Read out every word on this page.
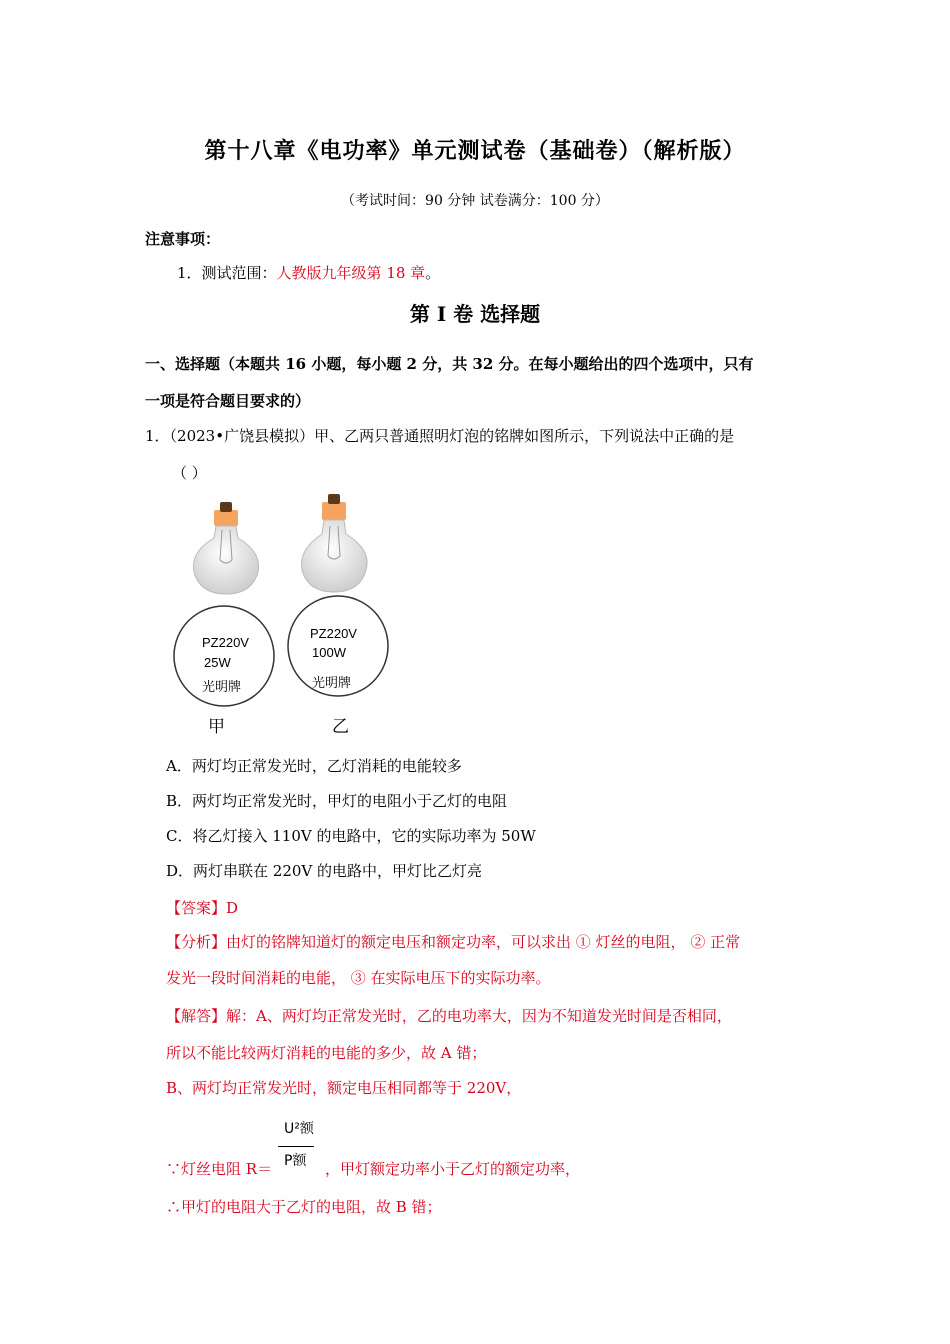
第十八章《电功率》单元测试卷（基础卷）（解析版）
（考试时间：90 分钟 试卷满分：100 分）
注意事项：
1．测试范围：人教版九年级第 18 章。
第 Ⅰ 卷 选择题
一、选择题（本题共 16 小题，每小题 2 分，共 32 分。在每小题给出的四个选项中，只有
一项是符合题目要求的）
1．（2023•广饶县模拟）甲、乙两只普通照明灯泡的铭牌如图所示，下列说法中正确的是
（ ）
PZ220V
25W
光明牌
PZ220V
100W
光明牌
甲	乙
A．两灯均正常发光时，乙灯消耗的电能较多
B．两灯均正常发光时，甲灯的电阻小于乙灯的电阻
C．将乙灯接入 110V 的电路中，它的实际功率为 50W
D．两灯串联在 220V 的电路中，甲灯比乙灯亮
【答案】D
【分析】由灯的铭牌知道灯的额定电压和额定功率，可以求出 ① 灯丝的电阻， ② 正常
发光一段时间消耗的电能， ③ 在实际电压下的实际功率。
【解答】解：A、两灯均正常发光时，乙的电功率大，因为不知道发光时间是否相同，
所以不能比较两灯消耗的电能的多少，故 A 错；
B、两灯均正常发光时，额定电压相同都等于 220V，
∵灯丝电阻 R＝
U²额
P额 ，甲灯额定功率小于乙灯的额定功率，
∴甲灯的电阻大于乙灯的电阻，故 B 错；
